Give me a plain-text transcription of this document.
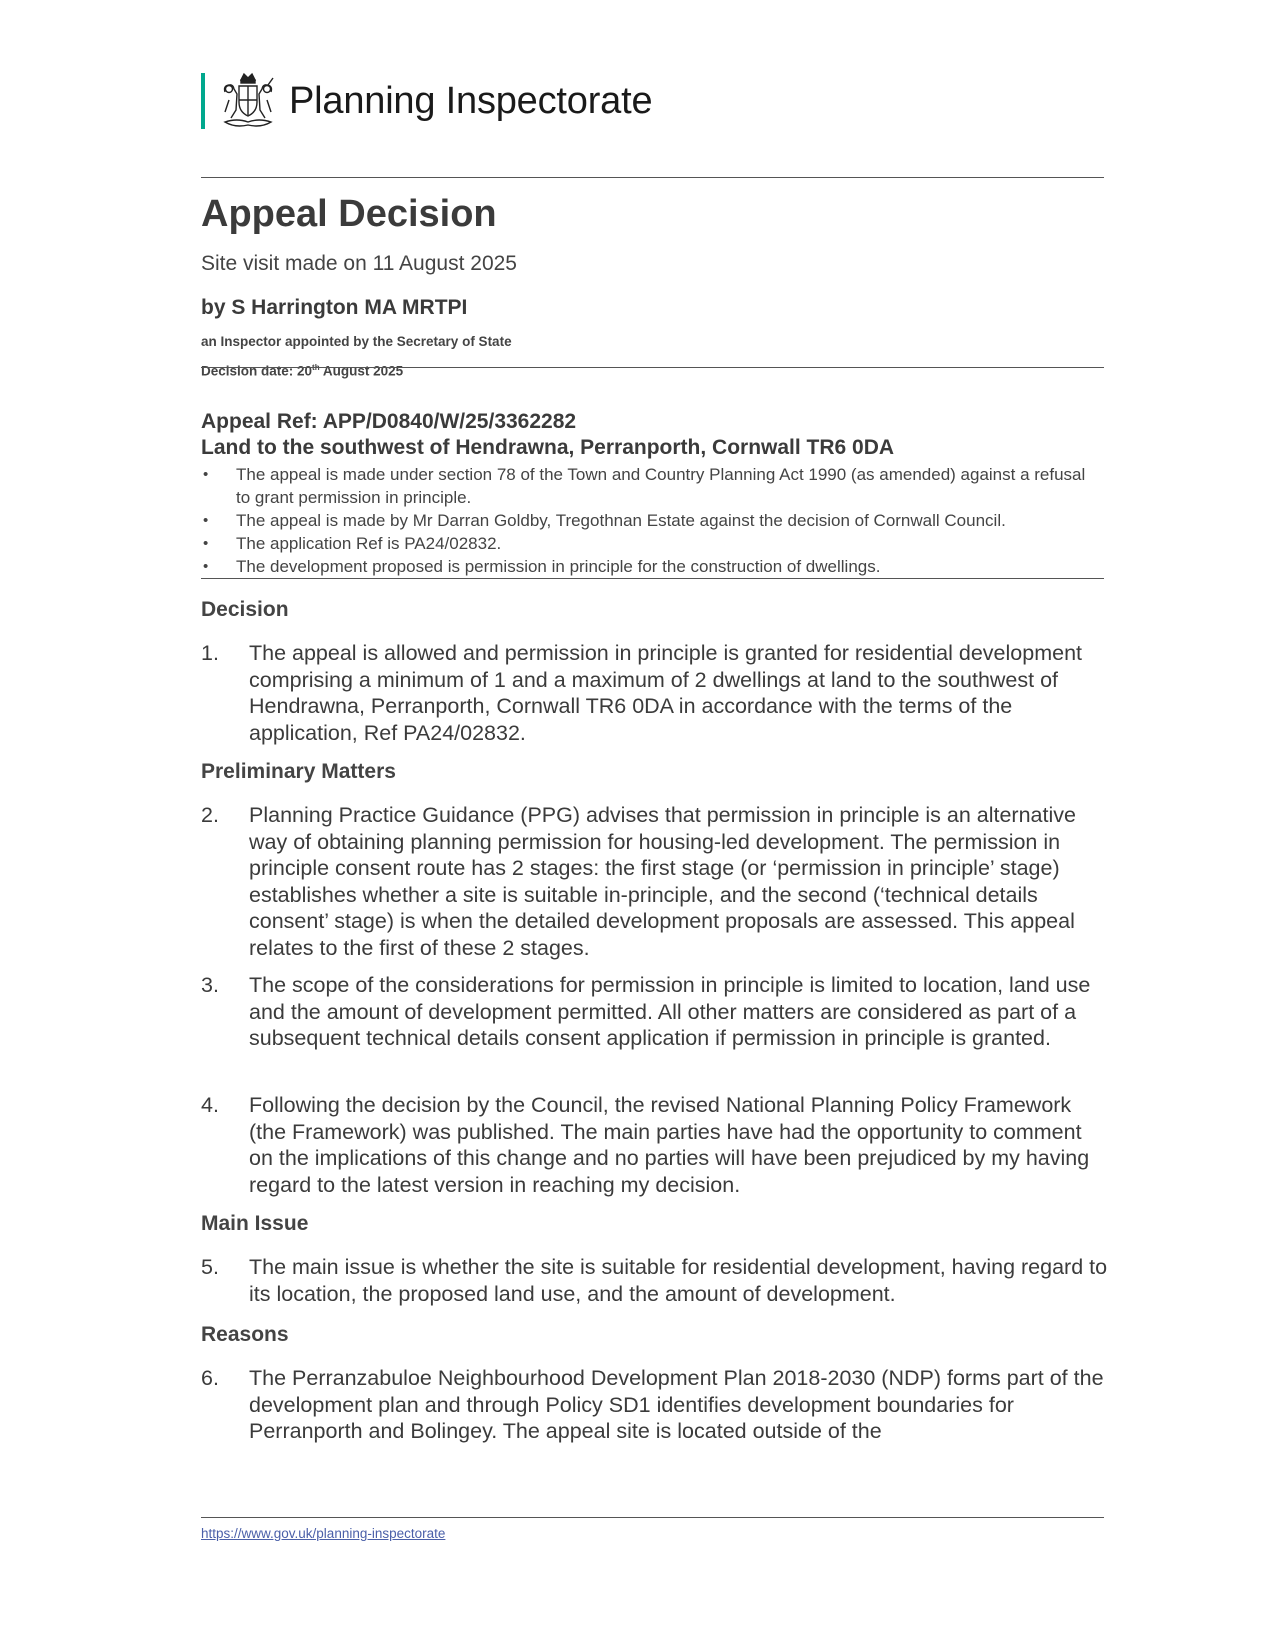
Planning Inspectorate
Appeal Decision
Site visit made on 11 August 2025
by S Harrington MA MRTPI
an Inspector appointed by the Secretary of State
Decision date: 20th August 2025
Appeal Ref: APP/D0840/W/25/3362282
Land to the southwest of Hendrawna, Perranporth, Cornwall TR6 0DA
• The appeal is made under section 78 of the Town and Country Planning Act 1990 (as amended) against a refusal to grant permission in principle.
• The appeal is made by Mr Darran Goldby, Tregothnan Estate against the decision of Cornwall Council.
• The application Ref is PA24/02832.
• The development proposed is permission in principle for the construction of dwellings.
Decision
1. The appeal is allowed and permission in principle is granted for residential development comprising a minimum of 1 and a maximum of 2 dwellings at land to the southwest of Hendrawna, Perranporth, Cornwall TR6 0DA in accordance with the terms of the application, Ref PA24/02832.
Preliminary Matters
2. Planning Practice Guidance (PPG) advises that permission in principle is an alternative way of obtaining planning permission for housing-led development. The permission in principle consent route has 2 stages: the first stage (or ‘permission in principle’ stage) establishes whether a site is suitable in-principle, and the second (‘technical details consent’ stage) is when the detailed development proposals are assessed. This appeal relates to the first of these 2 stages.
3. The scope of the considerations for permission in principle is limited to location, land use and the amount of development permitted. All other matters are considered as part of a subsequent technical details consent application if permission in principle is granted.
4. Following the decision by the Council, the revised National Planning Policy Framework (the Framework) was published. The main parties have had the opportunity to comment on the implications of this change and no parties will have been prejudiced by my having regard to the latest version in reaching my decision.
Main Issue
5. The main issue is whether the site is suitable for residential development, having regard to its location, the proposed land use, and the amount of development.
Reasons
6. The Perranzabuloe Neighbourhood Development Plan 2018-2030 (NDP) forms part of the development plan and through Policy SD1 identifies development boundaries for Perranporth and Bolingey. The appeal site is located outside of the
https://www.gov.uk/planning-inspectorate
